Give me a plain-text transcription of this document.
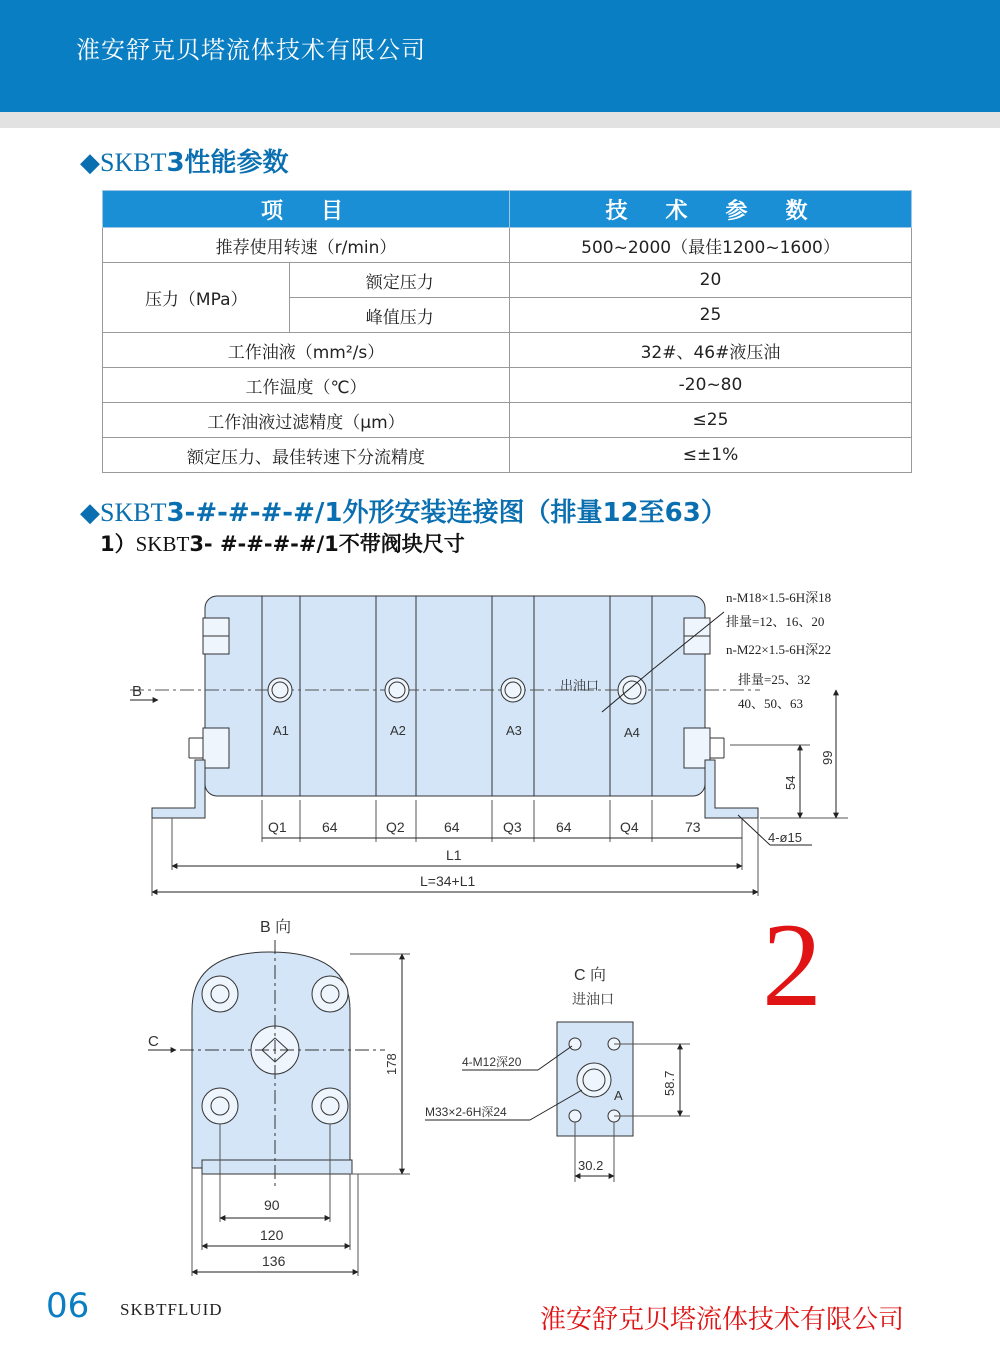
淮安舒克贝塔流体技术有限公司
◆SKBT3性能参数
项　目		技　术　参　数
推荐使用转速（r/min）		500~2000（最佳1200~1600）
压力（MPa）	额定压力	20
	峰值压力	25
工作油液（mm²/s）		32#、46#液压油
工作温度（℃）		-20~80
工作油液过滤精度（μm）		≤25
额定压力、最佳转速下分流精度		≤±1%
◆SKBT3-#-#-#-#/1外形安装连接图（排量12至63）
1）SKBT3- #-#-#-#/1不带阀块尺寸
B
A1	A2	A3	A4
出油口
n-M18×1.5-6H深18
排量=12、16、20
n-M22×1.5-6H深22
排量=25、32
40、50、63
54
99
Q1	64	Q2	64	Q3 64	Q4	73
L1
L=34+L1
4-ø15
B 向
C
178
90
120
136
C 向
进油口
A
4-M12深20
M33×2-6H深24
58.7
30.2
2
06 SKBTFLUID	淮安舒克贝塔流体技术有限公司
